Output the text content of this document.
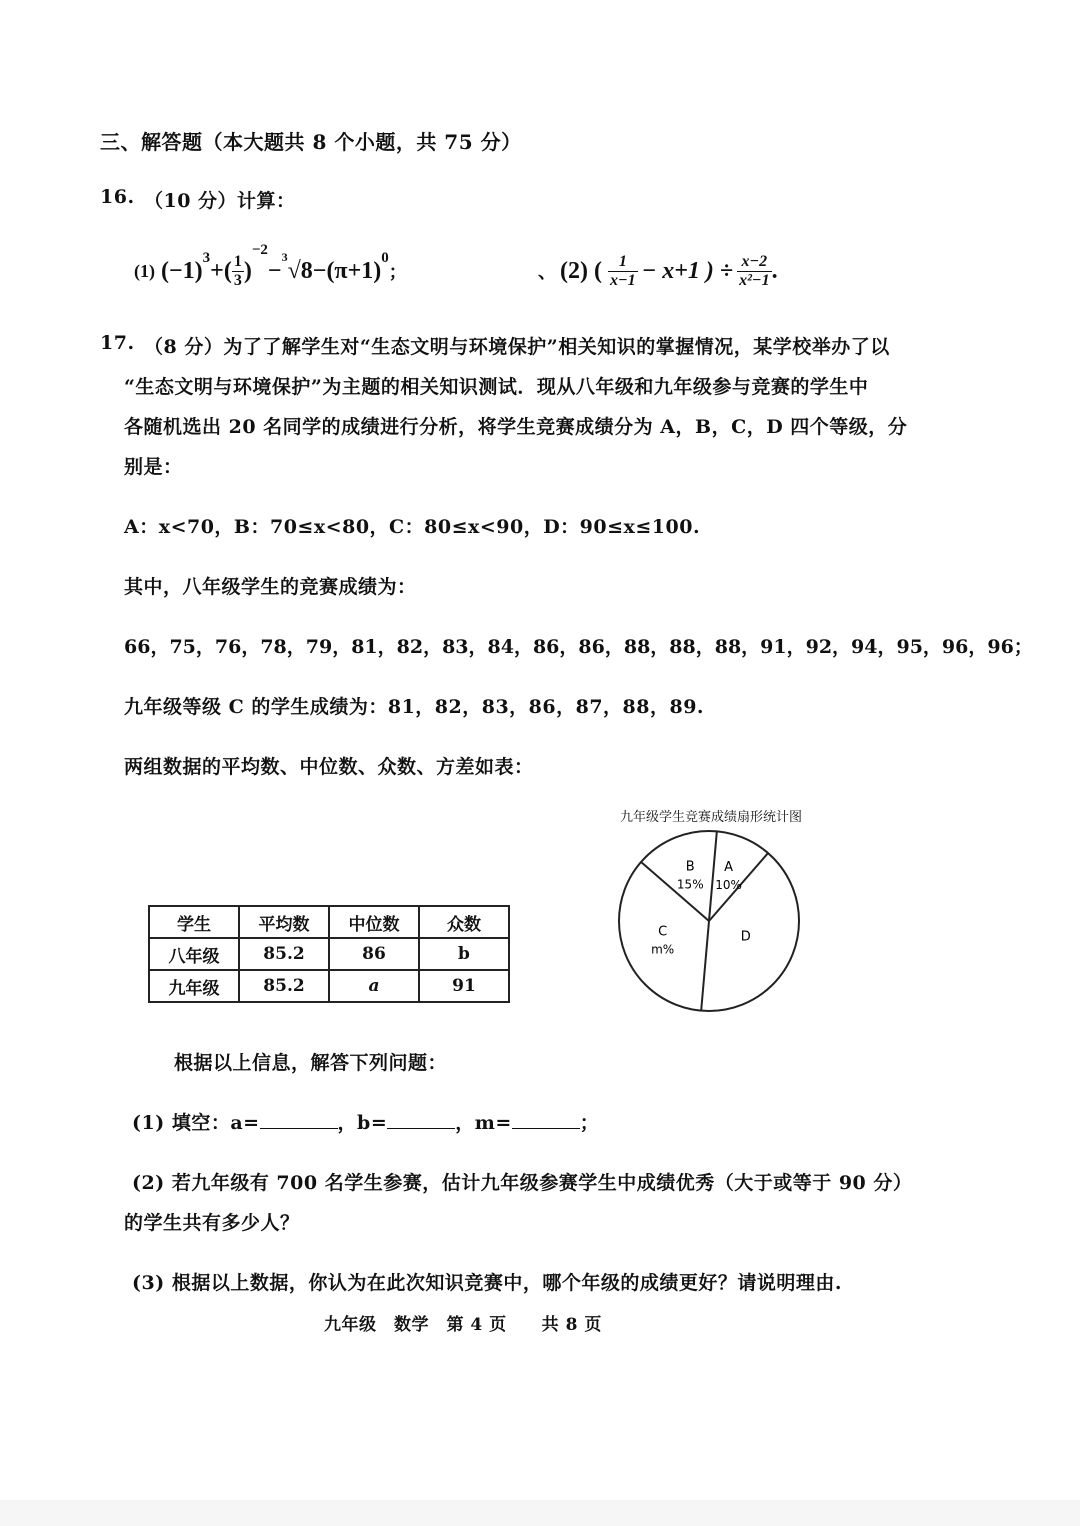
三、解答题（本大题共 8 个小题，共 75 分）
16. （10 分）计算：
(1) $(-1)^3$ +( $\frac{1}{3}$ )
$^{-2}$
−
$^3$
$√8 -(\pi+1)^0$
；	、 (2) ( $\frac{1}{x-1} - x+1$ ) ÷ $\frac{x-2}{\text{x²−1}}$ .
17. （8 分）为了了解学生对“生态文明与环境保护”相关知识的掌握情况，某学校举办了以
“生态文明与环境保护”为主题的相关知识测试．现从八年级和九年级参与竞赛的学生中
各随机选出 20 名同学的成绩进行分析，将学生竞赛成绩分为 A，B，C，D 四个等级，分
别是：
A：x<70，B：70≤x<80，C：80≤x<90，D：90≤x≤100.
其中，八年级学生的竞赛成绩为：
66，75，76，78，79，81，82，83，84，86，86，88，88，88，91，92，94，95，96，96；
九年级等级 C 的学生成绩为：81，82，83，86，87，88，89.
两组数据的平均数、中位数、众数、方差如表：
学生	平均数	中位数	众数
八年级	85.2	86	b
九年级	85.2	a	91
九年级学生竞赛成绩扇形统计图
A
10%
D
C
m%
B
15%
根据以上信息，解答下列问题：
(1) 填空：a=	，b=	，m=	；
(2) 若九年级有 700 名学生参赛，估计九年级参赛学生中成绩优秀（大于或等于 90 分）
的学生共有多少人？
(3) 根据以上数据，你认为在此次知识竞赛中，哪个年级的成绩更好？请说明理由.
九年级　数学　第 4 页　　共 8 页
